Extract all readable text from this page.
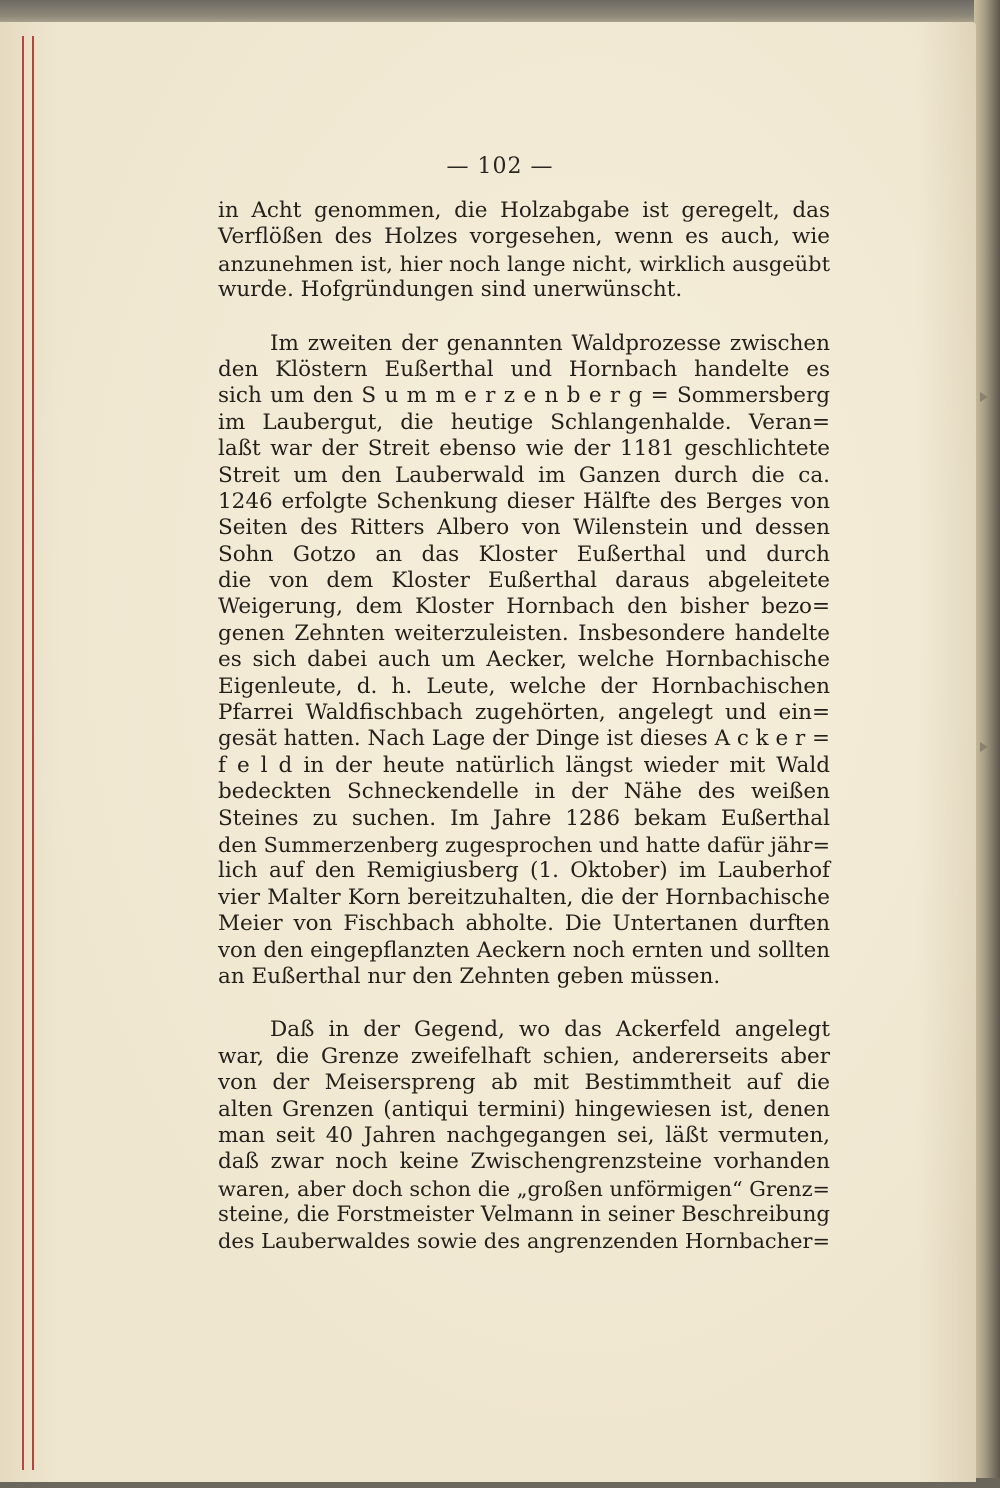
— 102 —
in Acht genommen, die Holzabgabe ist geregelt, das
Verflößen des Holzes vorgesehen, wenn es auch, wie
anzunehmen ist, hier noch lange nicht, wirklich ausgeübt
wurde. Hofgründungen sind unerwünscht.
Im zweiten der genannten Waldprozesse zwischen
den Klöstern Eußerthal und Hornbach handelte es
sich um den S u m m e r z e n b e r g = Sommersberg
im Laubergut, die heutige Schlangenhalde. Veran=
laßt war der Streit ebenso wie der 1181 geschlichtete
Streit um den Lauberwald im Ganzen durch die ca.
1246 erfolgte Schenkung dieser Hälfte des Berges von
Seiten des Ritters Albero von Wilenstein und dessen
Sohn Gotzo an das Kloster Eußerthal und durch
die von dem Kloster Eußerthal daraus abgeleitete
Weigerung, dem Kloster Hornbach den bisher bezo=
genen Zehnten weiterzuleisten. Insbesondere handelte
es sich dabei auch um Aecker, welche Hornbachische
Eigenleute, d. h. Leute, welche der Hornbachischen
Pfarrei Waldfischbach zugehörten, angelegt und ein=
gesät hatten. Nach Lage der Dinge ist dieses A c k e r =
f e l d in der heute natürlich längst wieder mit Wald
bedeckten Schneckendelle in der Nähe des weißen
Steines zu suchen. Im Jahre 1286 bekam Eußerthal
den Summerzenberg zugesprochen und hatte dafür jähr=
lich auf den Remigiusberg (1. Oktober) im Lauberhof
vier Malter Korn bereitzuhalten, die der Hornbachische
Meier von Fischbach abholte. Die Untertanen durften
von den eingepflanzten Aeckern noch ernten und sollten
an Eußerthal nur den Zehnten geben müssen.
Daß in der Gegend, wo das Ackerfeld angelegt
war, die Grenze zweifelhaft schien, andererseits aber
von der Meiserspreng ab mit Bestimmtheit auf die
alten Grenzen (antiqui termini) hingewiesen ist, denen
man seit 40 Jahren nachgegangen sei, läßt vermuten,
daß zwar noch keine Zwischengrenzsteine vorhanden
waren, aber doch schon die „großen unförmigen“ Grenz=
steine, die Forstmeister Velmann in seiner Beschreibung
des Lauberwaldes sowie des angrenzenden Hornbacher=
